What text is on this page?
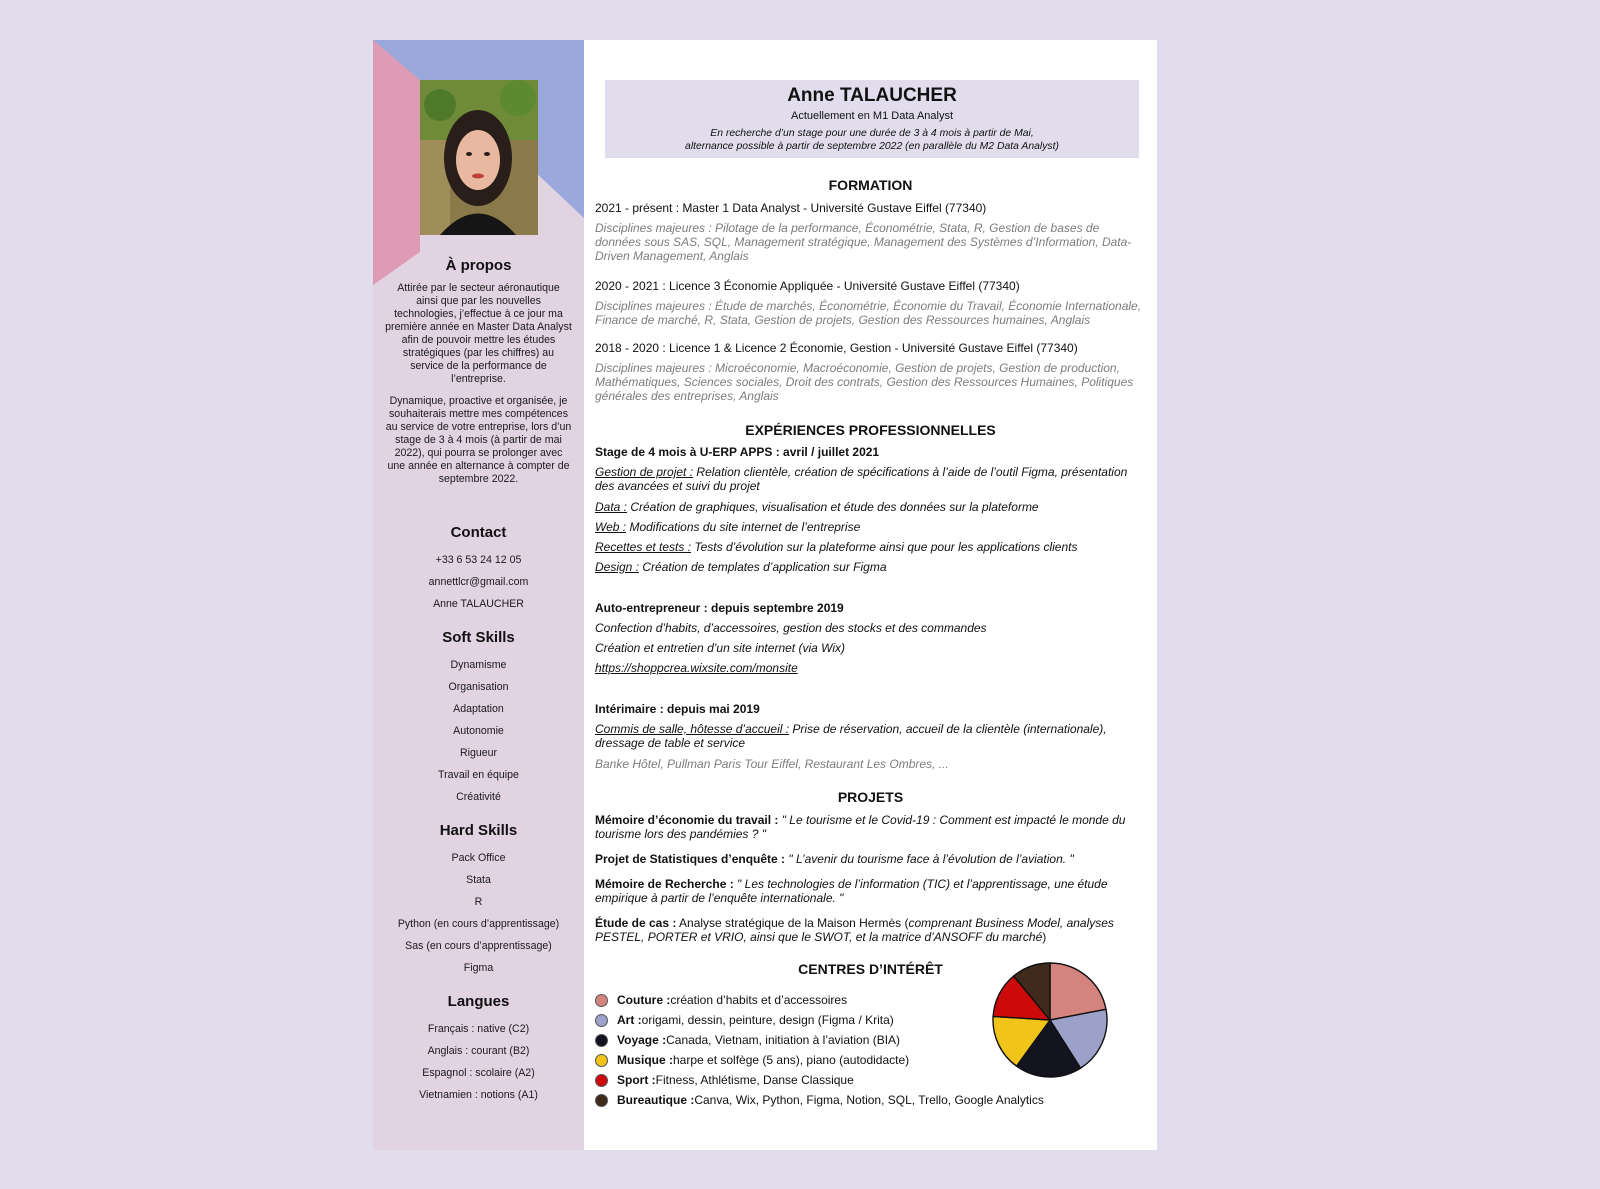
À propos
Attirée par le secteur aéronautique ainsi que par les nouvelles technologies, j’effectue à ce jour ma première année en Master Data Analyst afin de pouvoir mettre les études stratégiques (par les chiffres) au service de la performance de l’entreprise.
Dynamique, proactive et organisée, je souhaiterais mettre mes compétences au service de votre entreprise, lors d’un stage de 3 à 4 mois (à partir de mai 2022), qui pourra se prolonger avec une année en alternance à compter de septembre 2022.
Contact
+33 6 53 24 12 05
annettlcr@gmail.com
Anne TALAUCHER
Soft Skills
Dynamisme
Organisation
Adaptation
Autonomie
Rigueur
Travail en équipe
Créativité
Hard Skills
Pack Office
Stata
R
Python (en cours d’apprentissage)
Sas (en cours d’apprentissage)
Figma
Langues
Français : native (C2)
Anglais : courant (B2)
Espagnol : scolaire (A2)
Vietnamien : notions (A1)
Anne TALAUCHER
Actuellement en M1 Data Analyst
En recherche d’un stage pour une durée de 3 à 4 mois à partir de Mai,
alternance possible à partir de septembre 2022 (en parallèle du M2 Data Analyst)
FORMATION
2021 - présent : Master 1 Data Analyst - Université Gustave Eiffel (77340)
Disciplines majeures : Pilotage de la performance, Économétrie, Stata, R, Gestion de bases de données sous SAS, SQL, Management stratégique, Management des Systèmes d’Information, Data-Driven Management, Anglais
2020 - 2021 : Licence 3 Économie Appliquée - Université Gustave Eiffel (77340)
Disciplines majeures : Étude de marchés, Économétrie, Économie du Travail, Économie Internationale, Finance de marché, R, Stata, Gestion de projets, Gestion des Ressources humaines, Anglais
2018 - 2020 : Licence 1 & Licence 2 Économie, Gestion - Université Gustave Eiffel (77340)
Disciplines majeures : Microéconomie, Macroéconomie, Gestion de projets, Gestion de production, Mathématiques, Sciences sociales, Droit des contrats, Gestion des Ressources Humaines, Politiques générales des entreprises, Anglais
EXPÉRIENCES PROFESSIONNELLES
Stage de 4 mois à U-ERP APPS : avril / juillet 2021
Gestion de projet : Relation clientèle, création de spécifications à l’aide de l’outil Figma, présentation des avancées et suivi du projet
Data : Création de graphiques, visualisation et étude des données sur la plateforme
Web : Modifications du site internet de l’entreprise
Recettes et tests : Tests d’évolution sur la plateforme ainsi que pour les applications clients
Design : Création de templates d’application sur Figma
Auto-entrepreneur : depuis septembre 2019
Confection d’habits, d’accessoires, gestion des stocks et des commandes
Création et entretien d’un site internet (via Wix)
https://shoppcrea.wixsite.com/monsite
Intérimaire : depuis mai 2019
Commis de salle, hôtesse d’accueil : Prise de réservation, accueil de la clientèle (internationale), dressage de table et service
Banke Hôtel, Pullman Paris Tour Eiffel, Restaurant Les Ombres, ...
PROJETS
Mémoire d’économie du travail : " Le tourisme et le Covid-19 : Comment est impacté le monde du tourisme lors des pandémies ? "
Projet de Statistiques d’enquête : " L’avenir du tourisme face à l’évolution de l’aviation. "
Mémoire de Recherche : " Les technologies de l’information (TIC) et l’apprentissage, une étude empirique à partir de l’enquête internationale. "
Étude de cas : Analyse stratégique de la Maison Hermès (comprenant Business Model, analyses PESTEL, PORTER et VRIO, ainsi que le SWOT, et la matrice d’ANSOFF du marché)
CENTRES D’INTÉRÊT
Couture : création d’habits et d’accessoires
Art : origami, dessin, peinture, design (Figma / Krita)
Voyage : Canada, Vietnam, initiation à l’aviation (BIA)
Musique : harpe et solfège (5 ans), piano (autodidacte)
Sport : Fitness, Athlétisme, Danse Classique
Bureautique : Canva, Wix, Python, Figma, Notion, SQL, Trello, Google Analytics
